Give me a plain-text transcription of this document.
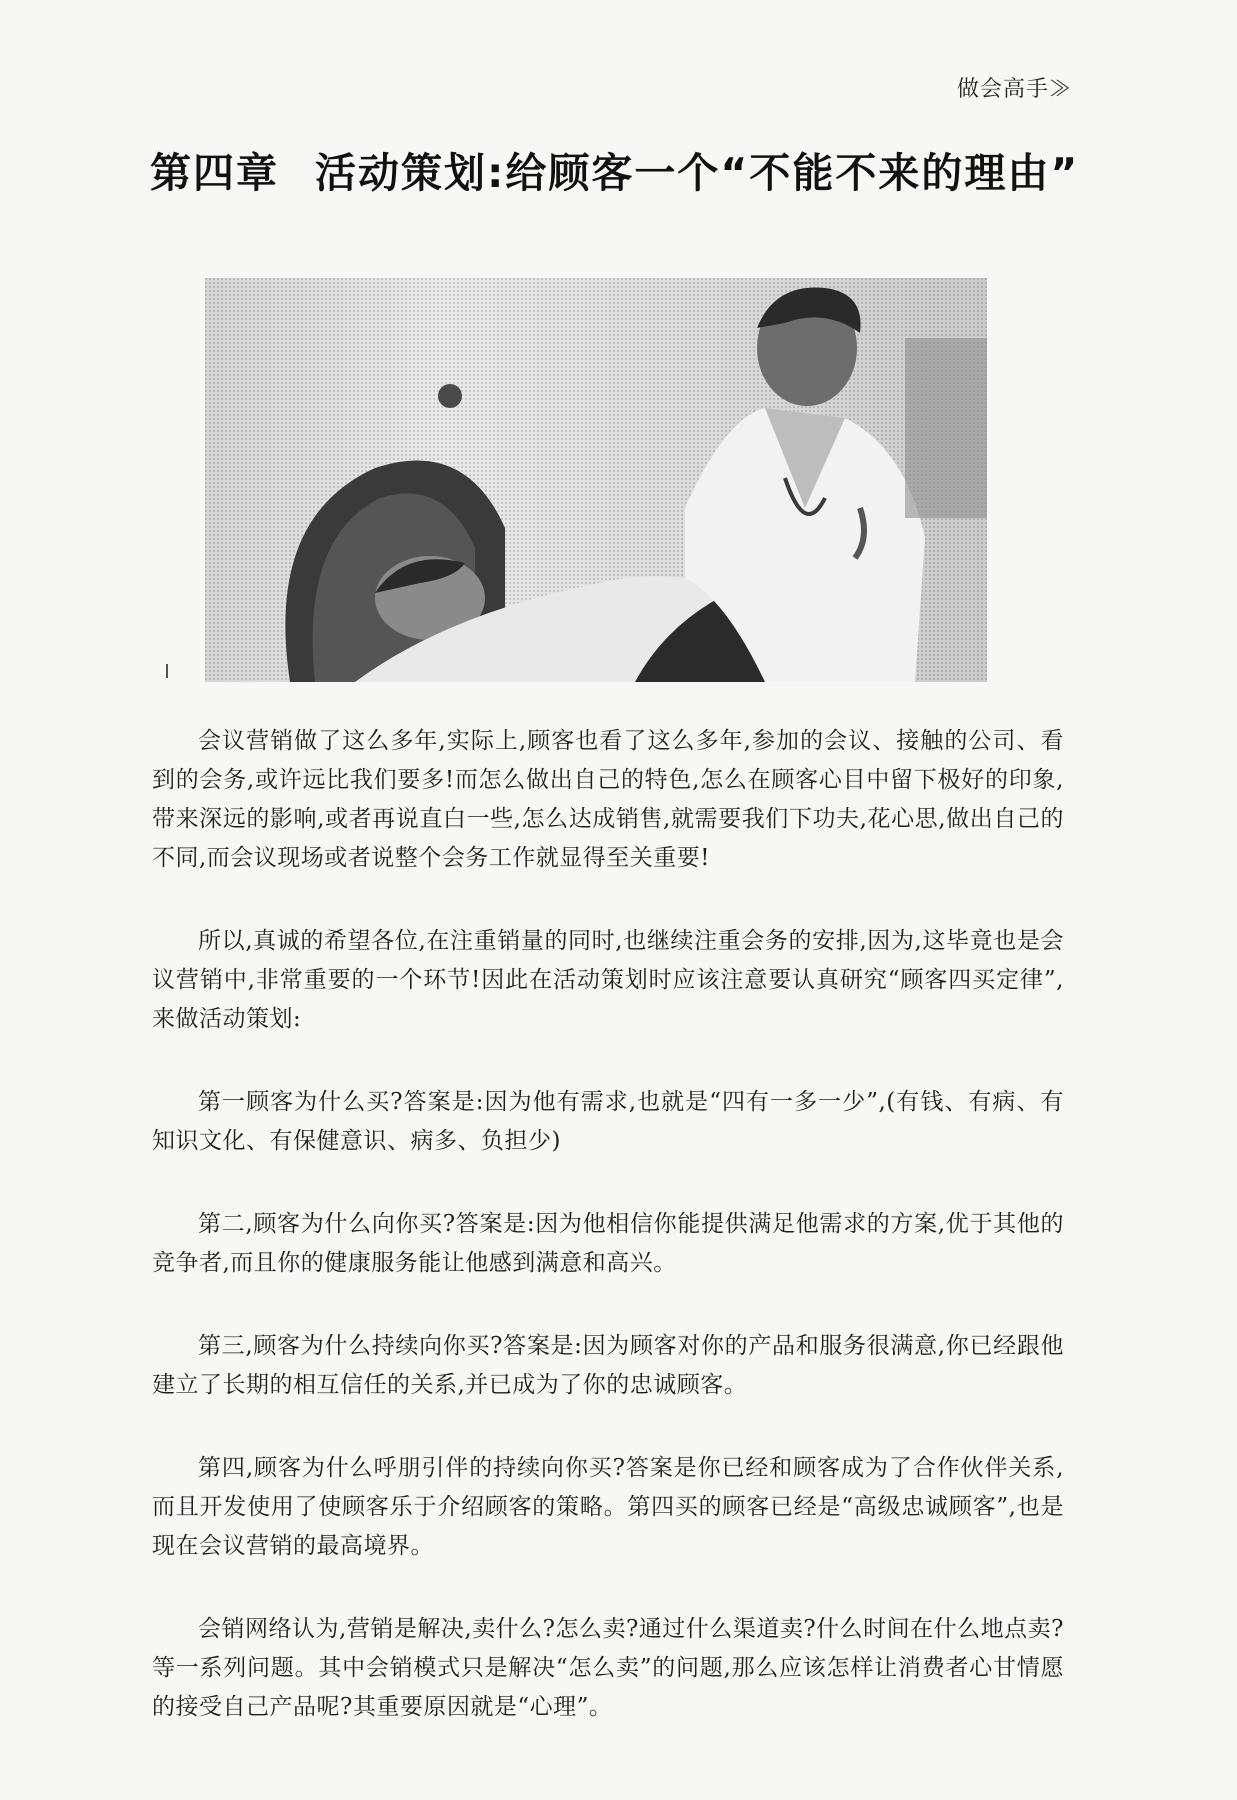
做会高手≫
第四章 活动策划:给顾客一个“不能不来的理由”

会议营销做了这么多年,实际上,顾客也看了这么多年,参加的会议、接触的公司、看到的会务,或许远比我们要多!而怎么做出自己的特色,怎么在顾客心目中留下极好的印象,带来深远的影响,或者再说直白一些,怎么达成销售,就需要我们下功夫,花心思,做出自己的不同,而会议现场或者说整个会务工作就显得至关重要!

所以,真诚的希望各位,在注重销量的同时,也继续注重会务的安排,因为,这毕竟也是会议营销中,非常重要的一个环节!因此在活动策划时应该注意要认真研究“顾客四买定律”,来做活动策划:

第一顾客为什么买?答案是:因为他有需求,也就是“四有一多一少”,(有钱、有病、有知识文化、有保健意识、病多、负担少)

第二,顾客为什么向你买?答案是:因为他相信你能提供满足他需求的方案,优于其他的竞争者,而且你的健康服务能让他感到满意和高兴。

第三,顾客为什么持续向你买?答案是:因为顾客对你的产品和服务很满意,你已经跟他建立了长期的相互信任的关系,并已成为了你的忠诚顾客。

第四,顾客为什么呼朋引伴的持续向你买?答案是你已经和顾客成为了合作伙伴关系,而且开发使用了使顾客乐于介绍顾客的策略。第四买的顾客已经是“高级忠诚顾客”,也是现在会议营销的最高境界。

会销网络认为,营销是解决,卖什么?怎么卖?通过什么渠道卖?什么时间在什么地点卖?等一系列问题。其中会销模式只是解决“怎么卖”的问题,那么应该怎样让消费者心甘情愿的接受自己产品呢?其重要原因就是“心理”。
